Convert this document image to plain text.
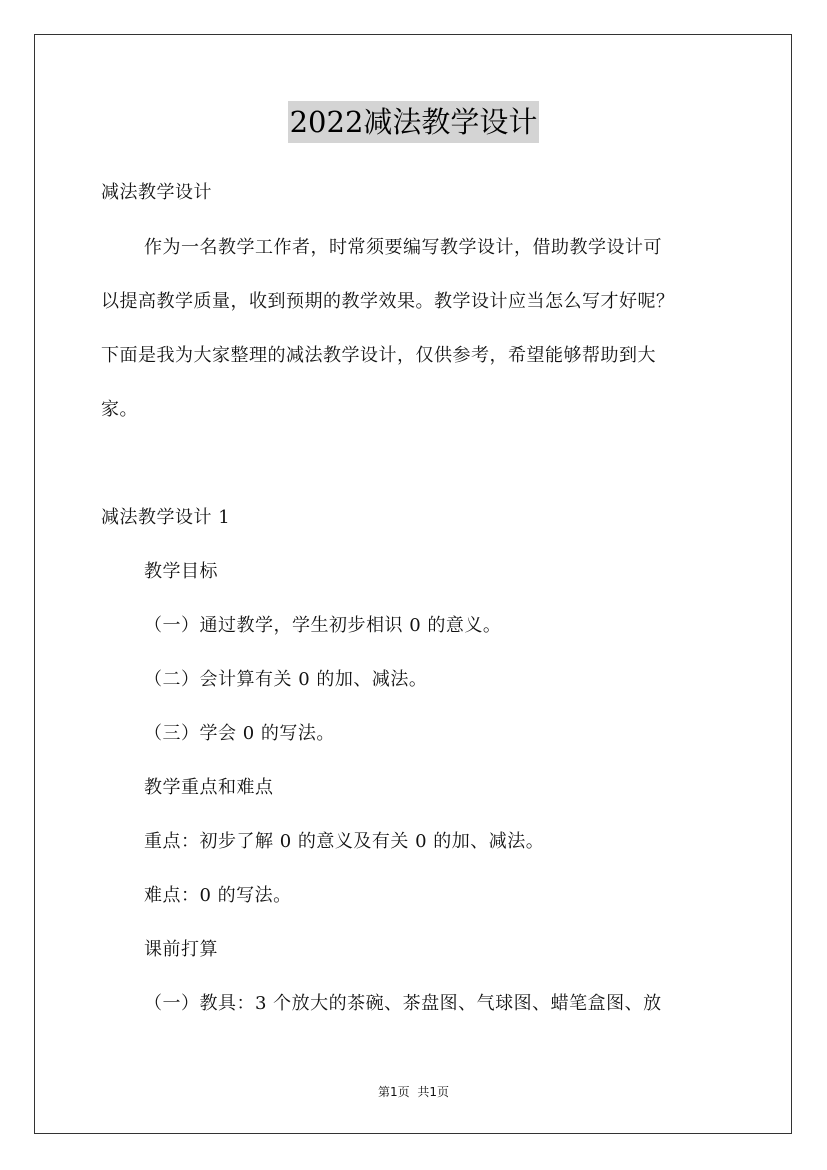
2022减法教学设计
减法教学设计
作为一名教学工作者，时常须要编写教学设计，借助教学设计可
以提高教学质量，收到预期的教学效果。教学设计应当怎么写才好呢？
下面是我为大家整理的减法教学设计，仅供参考，希望能够帮助到大
家。
减法教学设计 1
教学目标
（一）通过教学，学生初步相识 0 的意义。
（二）会计算有关 0 的加、减法。
（三）学会 0 的写法。
教学重点和难点
重点：初步了解 0 的意义及有关 0 的加、减法。
难点：0 的写法。
课前打算
（一）教具：3 个放大的茶碗、茶盘图、气球图、蜡笔盒图、放
第1页 共1页
